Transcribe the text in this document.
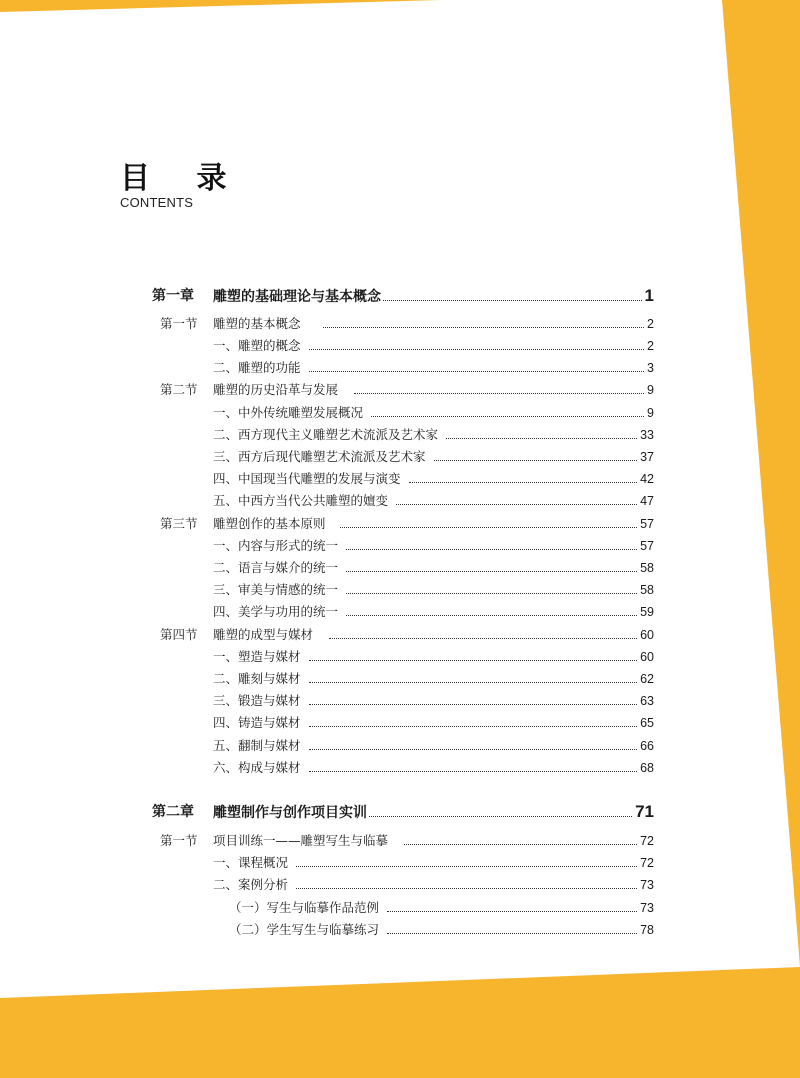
目 录
CONTENTS
第一章 雕塑的基础理论与基本概念	1
第一节 雕塑的基本概念	2
一、雕塑的概念	2
二、雕塑的功能	3
第二节 雕塑的历史沿革与发展	9
一、中外传统雕塑发展概况	9
二、西方现代主义雕塑艺术流派及艺术家	33
三、西方后现代雕塑艺术流派及艺术家	37
四、中国现当代雕塑的发展与演变	42
五、中西方当代公共雕塑的嬗变	47
第三节 雕塑创作的基本原则	57
一、内容与形式的统一	57
二、语言与媒介的统一	58
三、审美与情感的统一	58
四、美学与功用的统一	59
第四节 雕塑的成型与媒材	60
一、塑造与媒材	60
二、雕刻与媒材	62
三、锻造与媒材	63
四、铸造与媒材	65
五、翻制与媒材	66
六、构成与媒材	68
第二章 雕塑制作与创作项目实训	71
第一节 项目训练一——雕塑写生与临摹	72
一、课程概况	72
二、案例分析	73
（一）写生与临摹作品范例	73
（二）学生写生与临摹练习	78
